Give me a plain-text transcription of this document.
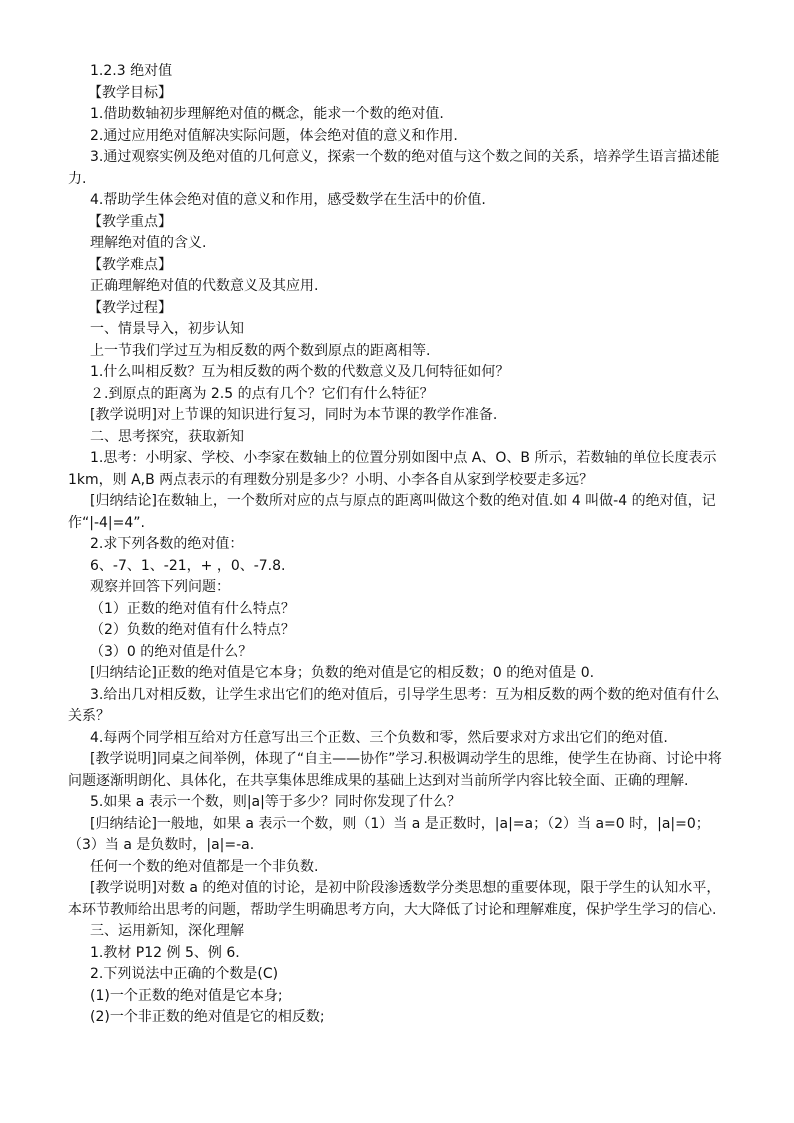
1.2.3 绝对值

【教学目标】

1.借助数轴初步理解绝对值的概念，能求一个数的绝对值.

2.通过应用绝对值解决实际问题，体会绝对值的意义和作用.

3.通过观察实例及绝对值的几何意义，探索一个数的绝对值与这个数之间的关系，培养学生语言描述能力.

4.帮助学生体会绝对值的意义和作用，感受数学在生活中的价值.

【教学重点】

理解绝对值的含义.

【教学难点】

正确理解绝对值的代数意义及其应用.

【教学过程】

一、情景导入，初步认知

上一节我们学过互为相反数的两个数到原点的距离相等.

1.什么叫相反数？互为相反数的两个数的代数意义及几何特征如何？

２.到原点的距离为 2.5 的点有几个？它们有什么特征？

[教学说明]对上节课的知识进行复习，同时为本节课的教学作准备.

二、思考探究，获取新知

1.思考：小明家、学校、小李家在数轴上的位置分别如图中点 A、O、B 所示，若数轴的单位长度表示 1km，则 A,B 两点表示的有理数分别是多少？小明、小李各自从家到学校要走多远？

[归纳结论]在数轴上，一个数所对应的点与原点的距离叫做这个数的绝对值.如 4 叫做-4 的绝对值，记作“|-4|=4”.

2.求下列各数的绝对值：

6、-7、1、-21，+ ，0、-7.8.

观察并回答下列问题：

（1）正数的绝对值有什么特点？

（2）负数的绝对值有什么特点？

（3）0 的绝对值是什么？

[归纳结论]正数的绝对值是它本身；负数的绝对值是它的相反数；0 的绝对值是 0.

3.给出几对相反数，让学生求出它们的绝对值后，引导学生思考：互为相反数的两个数的绝对值有什么关系？

4.每两个同学相互给对方任意写出三个正数、三个负数和零，然后要求对方求出它们的绝对值.

[教学说明]同桌之间举例，体现了“自主——协作”学习.积极调动学生的思维，使学生在协商、讨论中将问题逐渐明朗化、具体化，在共享集体思维成果的基础上达到对当前所学内容比较全面、正确的理解.

5.如果 a 表示一个数，则|a|等于多少？同时你发现了什么？

[归纳结论]一般地，如果 a 表示一个数，则（1）当 a 是正数时，|a|=a；（2）当 a=0 时，|a|=0；（3）当 a 是负数时，|a|=-a.

任何一个数的绝对值都是一个非负数.

[教学说明]对数 a 的绝对值的讨论，是初中阶段渗透数学分类思想的重要体现，限于学生的认知水平，本环节教师给出思考的问题，帮助学生明确思考方向，大大降低了讨论和理解难度，保护学生学习的信心.

三、运用新知，深化理解

1.教材 P12 例 5、例 6.

2.下列说法中正确的个数是(C)

(1)一个正数的绝对值是它本身;

(2)一个非正数的绝对值是它的相反数;
